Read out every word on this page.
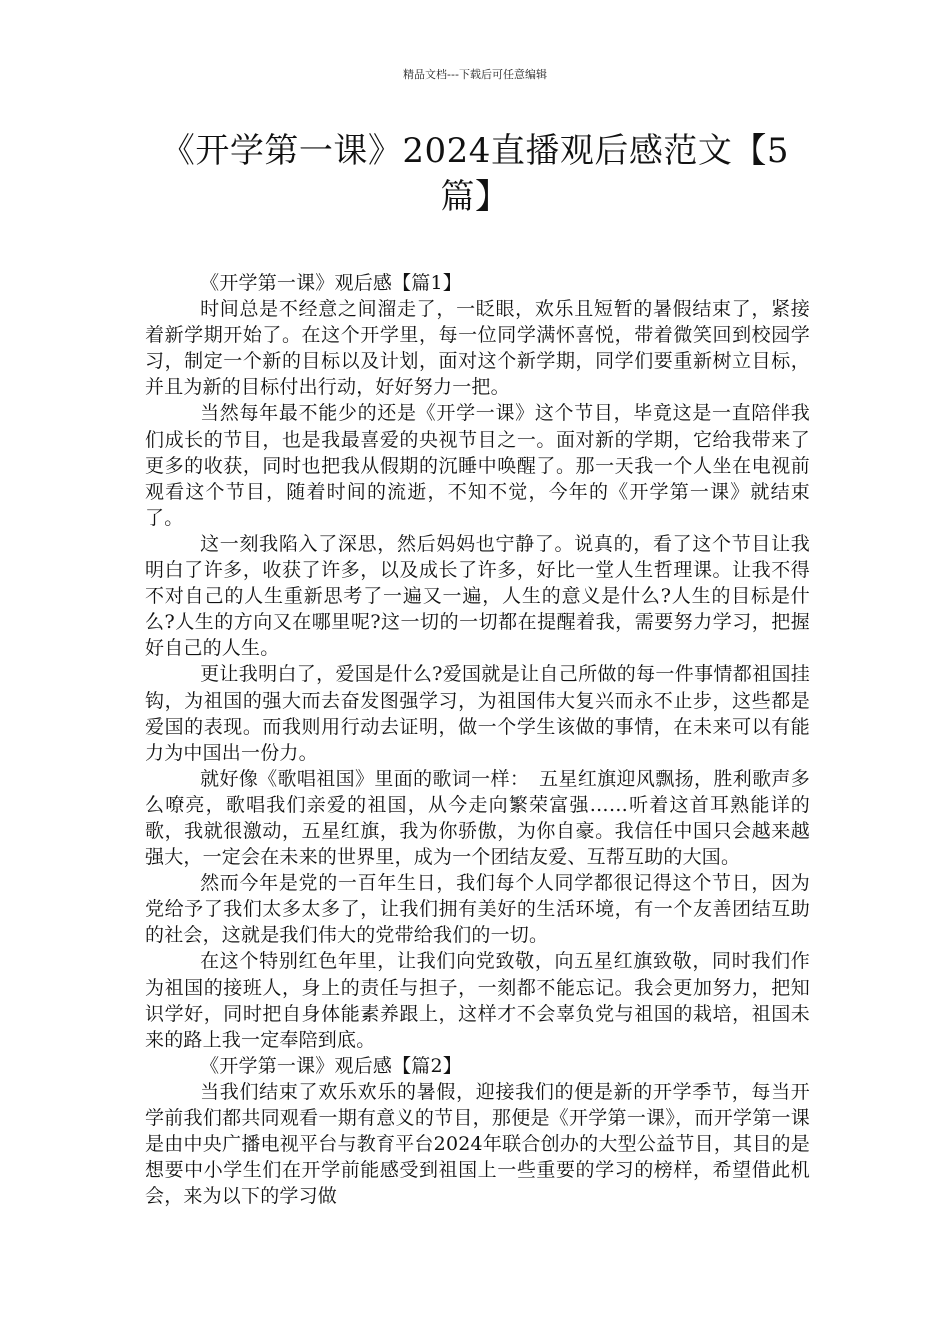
精品文档---下载后可任意编辑
《开学第一课》2024直播观后感范文【5篇】

《开学第一课》观后感【篇1】

时间总是不经意之间溜走了，一眨眼，欢乐且短暂的暑假结束了，紧接着新学期开始了。在这个开学里，每一位同学满怀喜悦，带着微笑回到校园学习，制定一个新的目标以及计划，面对这个新学期，同学们要重新树立目标，并且为新的目标付出行动，好好努力一把。

当然每年最不能少的还是《开学一课》这个节目，毕竟这是一直陪伴我们成长的节目，也是我最喜爱的央视节目之一。面对新的学期，它给我带来了更多的收获，同时也把我从假期的沉睡中唤醒了。那一天我一个人坐在电视前观看这个节目，随着时间的流逝，不知不觉，今年的《开学第一课》就结束了。

这一刻我陷入了深思，然后妈妈也宁静了。说真的，看了这个节目让我明白了许多，收获了许多，以及成长了许多，好比一堂人生哲理课。让我不得不对自己的人生重新思考了一遍又一遍，人生的意义是什么?人生的目标是什么?人生的方向又在哪里呢?这一切的一切都在提醒着我，需要努力学习，把握好自己的人生。

更让我明白了，爱国是什么?爱国就是让自己所做的每一件事情都祖国挂钩，为祖国的强大而去奋发图强学习，为祖国伟大复兴而永不止步，这些都是爱国的表现。而我则用行动去证明，做一个学生该做的事情，在未来可以有能力为中国出一份力。

就好像《歌唱祖国》里面的歌词一样：　五星红旗迎风飘扬，胜利歌声多么嘹亮，歌唱我们亲爱的祖国，从今走向繁荣富强……听着这首耳熟能详的歌，我就很激动，五星红旗，我为你骄傲，为你自豪。我信任中国只会越来越强大，一定会在未来的世界里，成为一个团结友爱、互帮互助的大国。

然而今年是党的一百年生日，我们每个人同学都很记得这个节日，因为党给予了我们太多太多了，让我们拥有美好的生活环境，有一个友善团结互助的社会，这就是我们伟大的党带给我们的一切。

在这个特别红色年里，让我们向党致敬，向五星红旗致敬，同时我们作为祖国的接班人，身上的责任与担子，一刻都不能忘记。我会更加努力，把知识学好，同时把自身体能素养跟上，这样才不会辜负党与祖国的栽培，祖国未来的路上我一定奉陪到底。

《开学第一课》观后感【篇2】

当我们结束了欢乐欢乐的暑假，迎接我们的便是新的开学季节，每当开学前我们都共同观看一期有意义的节目，那便是《开学第一课》，而开学第一课是由中央广播电视平台与教育平台2024年联合创办的大型公益节目，其目的是想要中小学生们在开学前能感受到祖国上一些重要的学习的榜样，希望借此机会，来为以下的学习做
